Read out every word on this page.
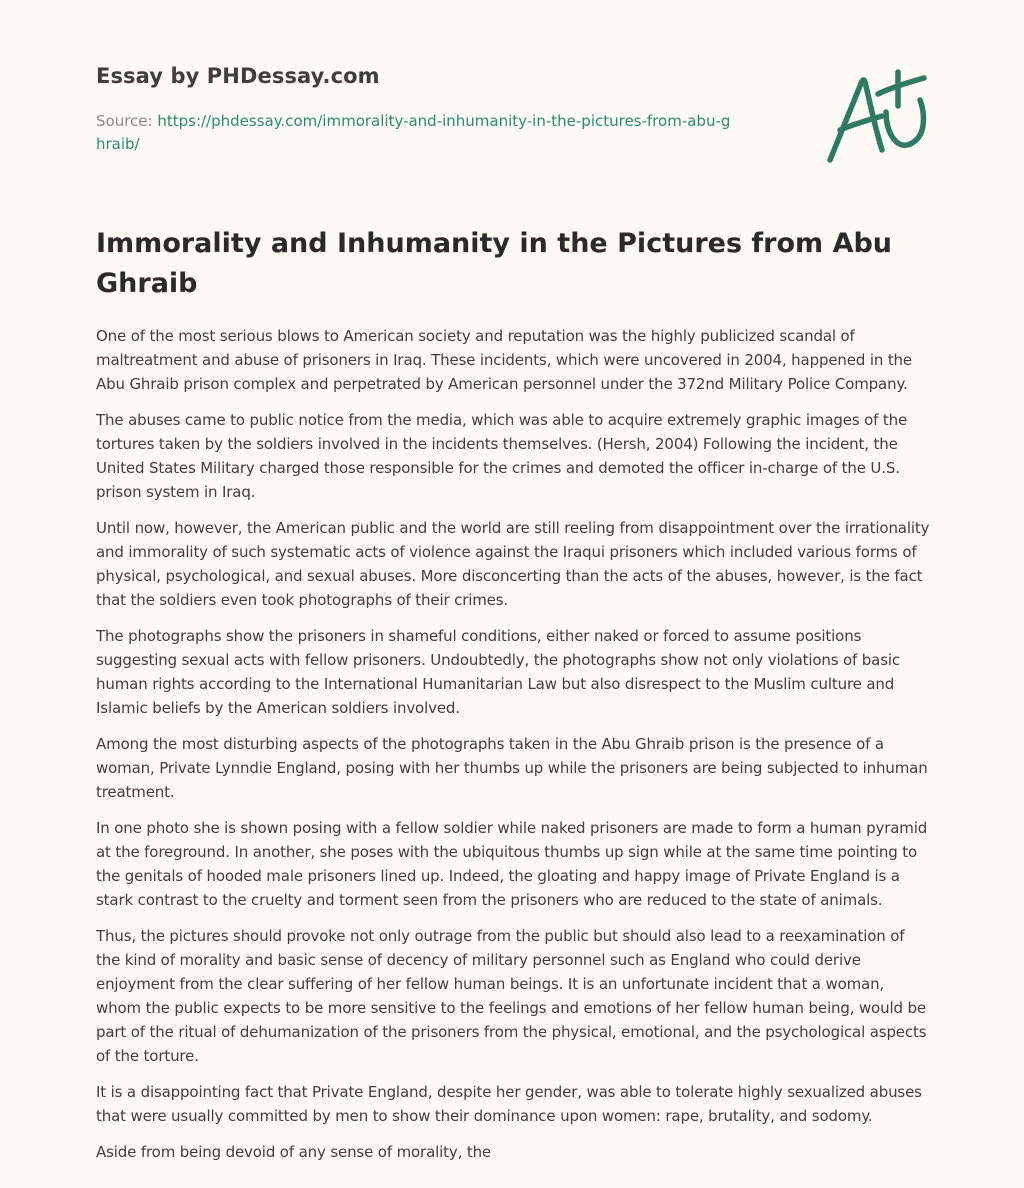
Essay by PHDessay.com
Source: https://phdessay.com/immorality-and-inhumanity-in-the-pictures-from-abu-ghraib/
Immorality and Inhumanity in the Pictures from Abu Ghraib

One of the most serious blows to American society and reputation was the highly publicized scandal of maltreatment and abuse of prisoners in Iraq. These incidents, which were uncovered in 2004, happened in the Abu Ghraib prison complex and perpetrated by American personnel under the 372nd Military Police Company.

The abuses came to public notice from the media, which was able to acquire extremely graphic images of the tortures taken by the soldiers involved in the incidents themselves. (Hersh, 2004) Following the incident, the United States Military charged those responsible for the crimes and demoted the officer in-charge of the U.S. prison system in Iraq.

Until now, however, the American public and the world are still reeling from disappointment over the irrationality and immorality of such systematic acts of violence against the Iraqui prisoners which included various forms of physical, psychological, and sexual abuses. More disconcerting than the acts of the abuses, however, is the fact that the soldiers even took photographs of their crimes.

The photographs show the prisoners in shameful conditions, either naked or forced to assume positions suggesting sexual acts with fellow prisoners. Undoubtedly, the photographs show not only violations of basic human rights according to the International Humanitarian Law but also disrespect to the Muslim culture and Islamic beliefs by the American soldiers involved.

Among the most disturbing aspects of the photographs taken in the Abu Ghraib prison is the presence of a woman, Private Lynndie England, posing with her thumbs up while the prisoners are being subjected to inhuman treatment.

In one photo she is shown posing with a fellow soldier while naked prisoners are made to form a human pyramid at the foreground. In another, she poses with the ubiquitous thumbs up sign while at the same time pointing to the genitals of hooded male prisoners lined up. Indeed, the gloating and happy image of Private England is a stark contrast to the cruelty and torment seen from the prisoners who are reduced to the state of animals.

Thus, the pictures should provoke not only outrage from the public but should also lead to a reexamination of the kind of morality and basic sense of decency of military personnel such as England who could derive enjoyment from the clear suffering of her fellow human beings. It is an unfortunate incident that a woman, whom the public expects to be more sensitive to the feelings and emotions of her fellow human being, would be part of the ritual of dehumanization of the prisoners from the physical, emotional, and the psychological aspects of the torture.

It is a disappointing fact that Private England, despite her gender, was able to tolerate highly sexualized abuses that were usually committed by men to show their dominance upon women: rape, brutality, and sodomy.

Aside from being devoid of any sense of morality, the
